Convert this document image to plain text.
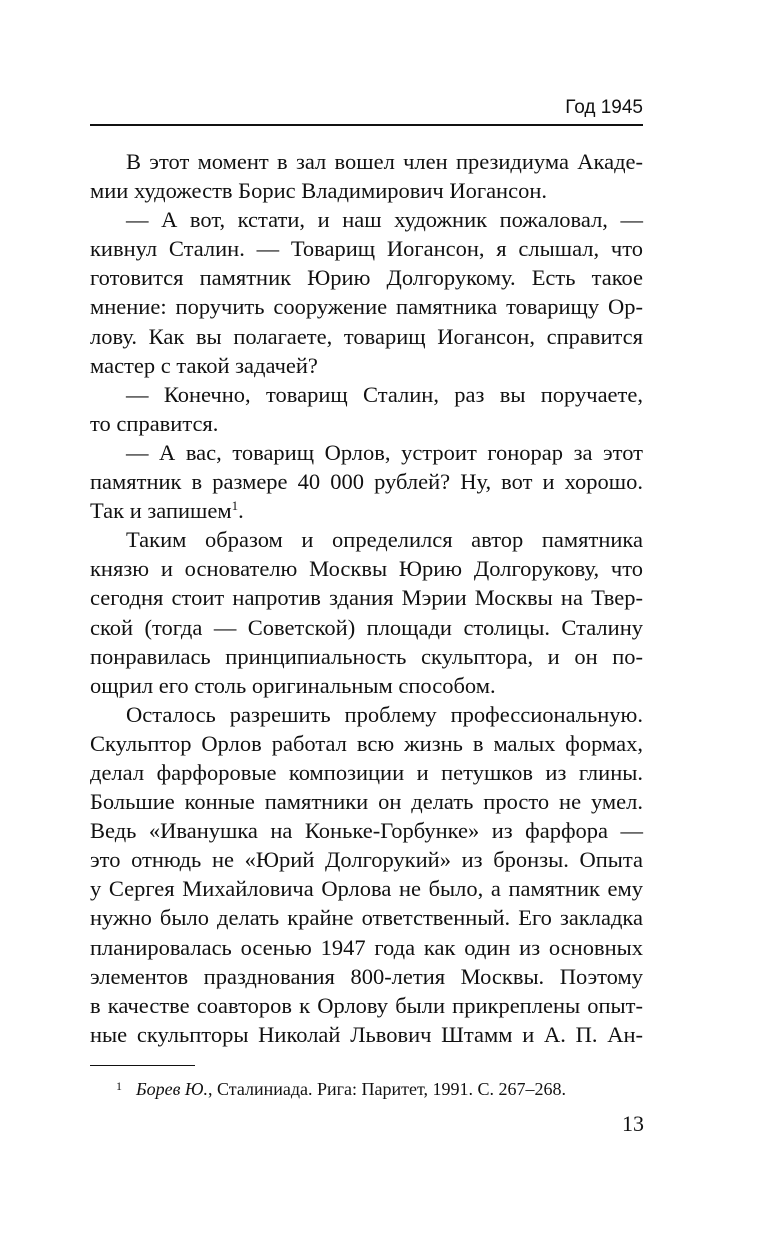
Год 1945
В этот момент в зал вошел член президиума Акаде-
мии художеств Борис Владимирович Иогансон.
— А вот, кстати, и наш художник пожаловал, —
кивнул Сталин. — Товарищ Иогансон, я слышал, что
готовится памятник Юрию Долгорукому. Есть такое
мнение: поручить сооружение памятника товарищу Ор-
лову. Как вы полагаете, товарищ Иогансон, справится
мастер с такой задачей?
— Конечно, товарищ Сталин, раз вы поручаете,
то справится.
— А вас, товарищ Орлов, устроит гонорар за этот
памятник в размере 40 000 рублей? Ну, вот и хорошо.
Так и запишем$^1$.
Таким образом и определился автор памятника
князю и основателю Москвы Юрию Долгорукову, что
сегодня стоит напротив здания Мэрии Москвы на Твер-
ской (тогда — Советской) площади столицы. Сталину
понравилась принципиальность скульптора, и он по-
ощрил его столь оригинальным способом.
Осталось разрешить проблему профессиональную.
Скульптор Орлов работал всю жизнь в малых формах,
делал фарфоровые композиции и петушков из глины.
Большие конные памятники он делать просто не умел.
Ведь «Иванушка на Коньке-Горбунке» из фарфора —
это отнюдь не «Юрий Долгорукий» из бронзы. Опыта
у Сергея Михайловича Орлова не было, а памятник ему
нужно было делать крайне ответственный. Его закладка
планировалась осенью 1947 года как один из основных
элементов празднования 800-летия Москвы. Поэтому
в качестве соавторов к Орлову были прикреплены опыт-
ные скульпторы Николай Львович Штамм и А. П. Ан-
$^1$ Борев Ю., Сталиниада. Рига: Паритет, 1991. С. 267–268.
13
